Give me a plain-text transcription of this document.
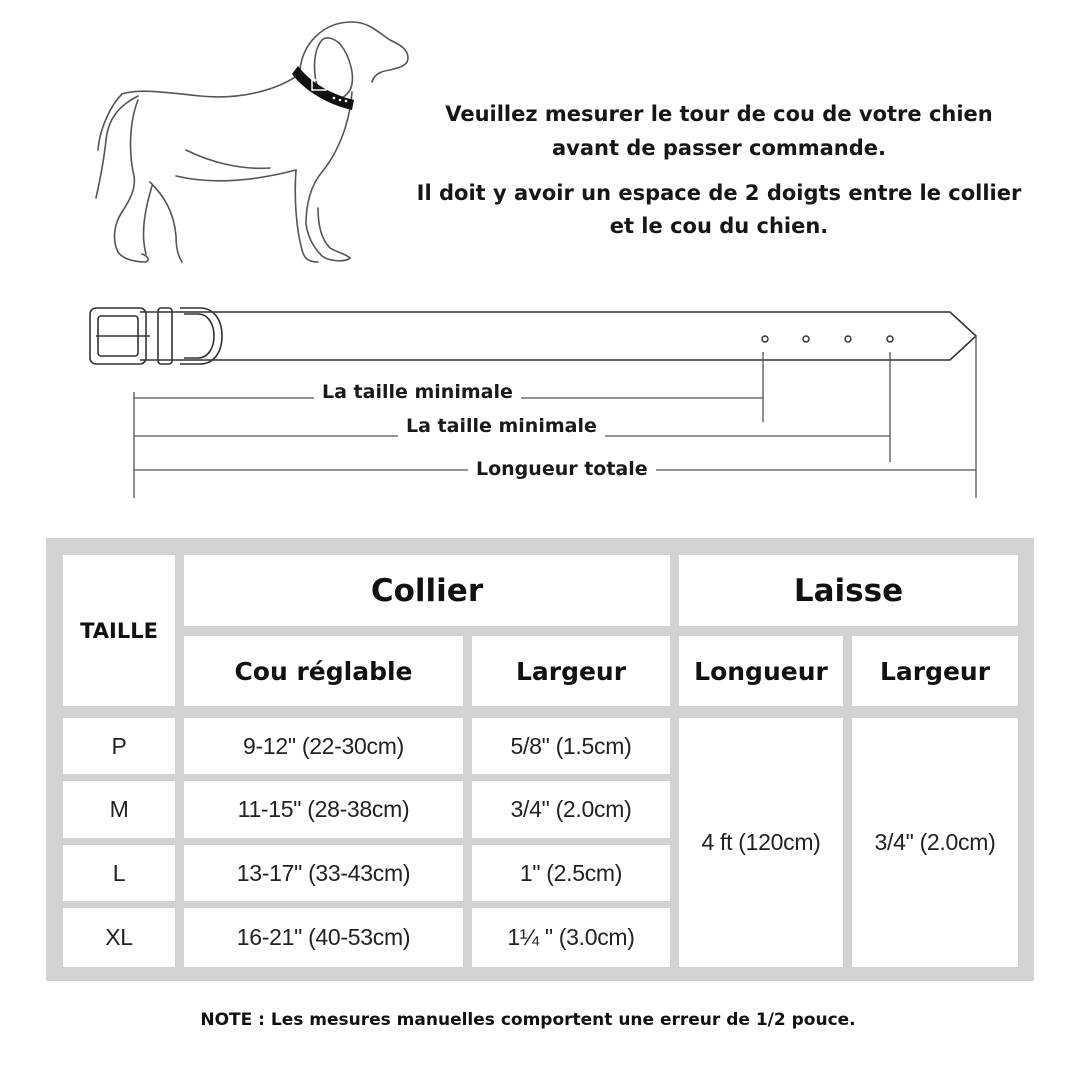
Veuillez mesurer le tour de cou de votre chien
avant de passer commande.
Il doit y avoir un espace de 2 doigts entre le collier
et le cou du chien.
La taille minimale
La taille minimale
Longueur totale
TAILLE
Collier	Laisse
Cou réglable	Largeur	Longueur	Largeur
P	9-12" (22-30cm)	5/8" (1.5cm)
M	11-15" (28-38cm)	3/4" (2.0cm)
L	13-17" (33-43cm)	1" (2.5cm)
XL	16-21" (40-53cm)	1¼ " (3.0cm)
4 ft (120cm)	3/4" (2.0cm)
NOTE : Les mesures manuelles comportent une erreur de 1/2 pouce.
